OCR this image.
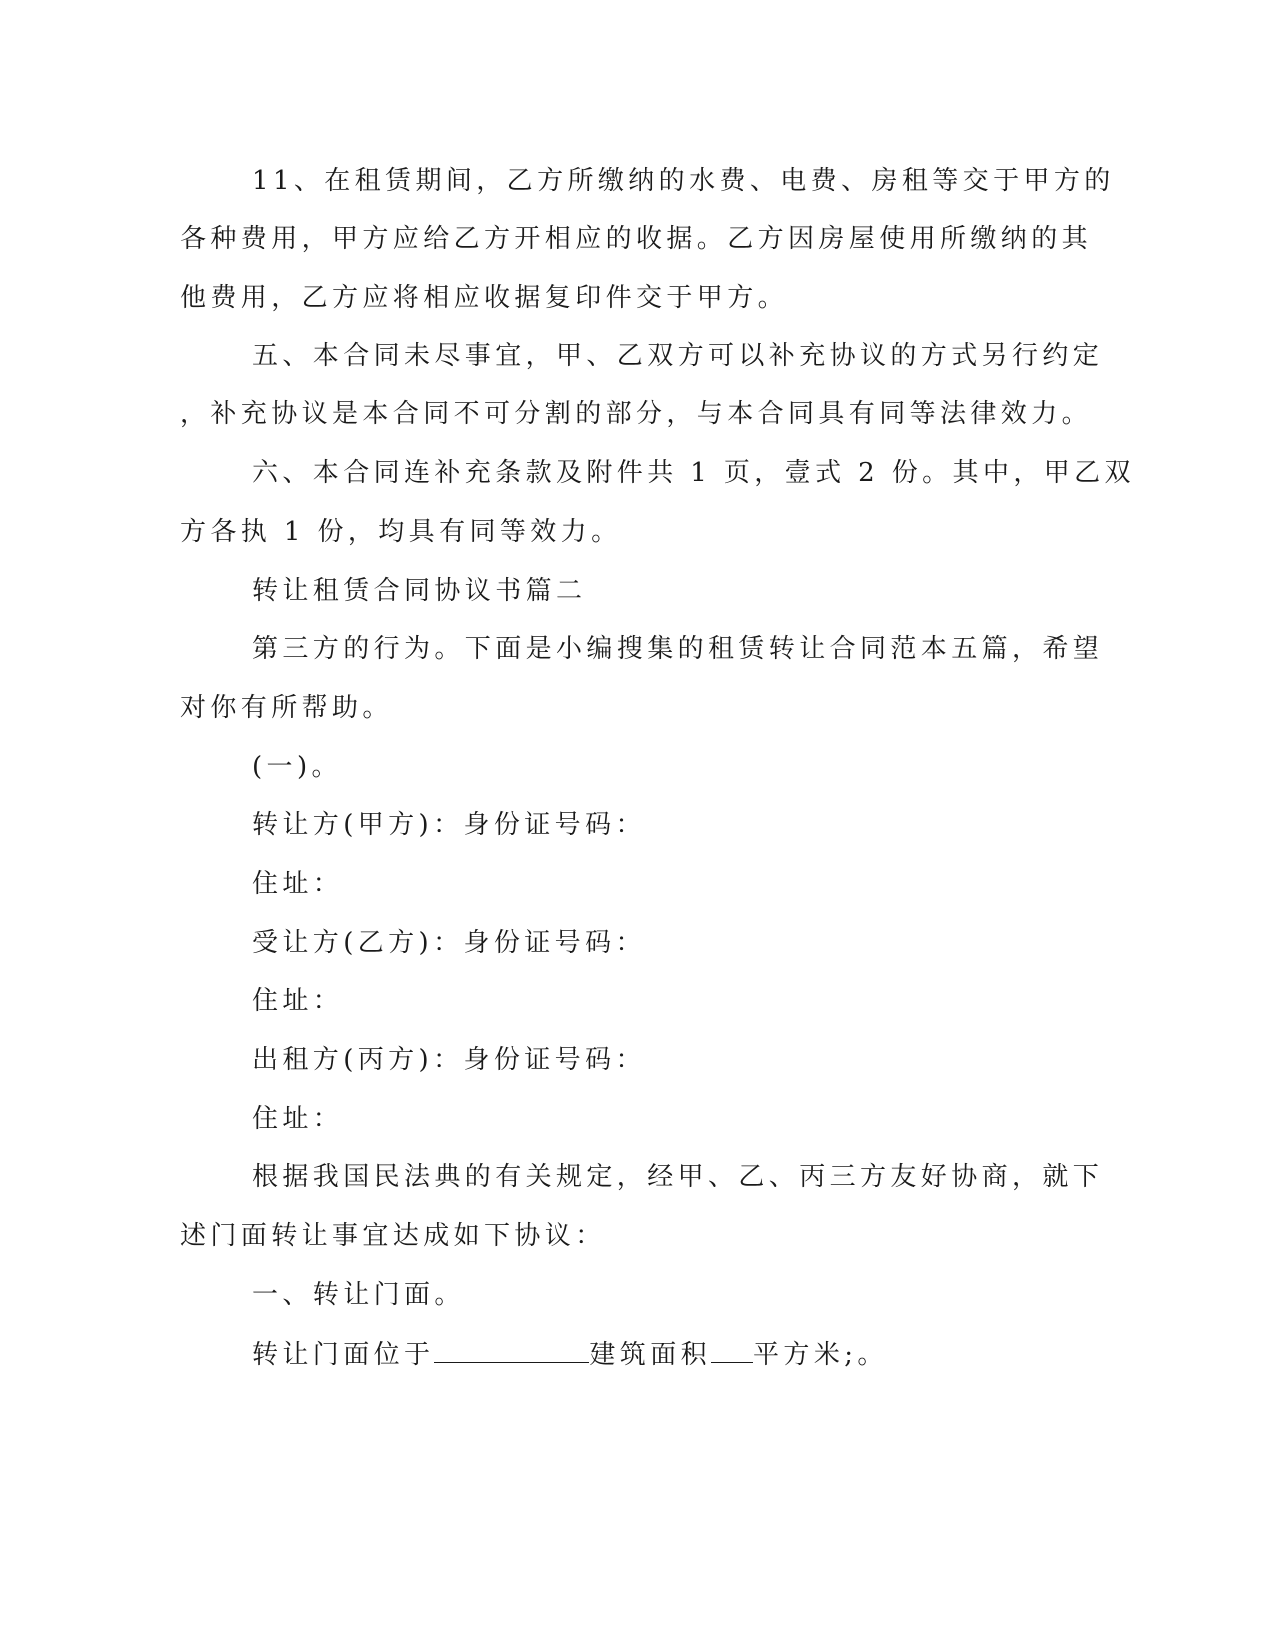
11、在租赁期间，乙方所缴纳的水费、电费、房租等交于甲方的
各种费用，甲方应给乙方开相应的收据。乙方因房屋使用所缴纳的其
他费用，乙方应将相应收据复印件交于甲方。
五、本合同未尽事宜，甲、乙双方可以补充协议的方式另行约定
，补充协议是本合同不可分割的部分，与本合同具有同等法律效力。
六、本合同连补充条款及附件共 1 页，壹式 2 份。其中，甲乙双
方各执 1 份，均具有同等效力。
转让租赁合同协议书篇二
第三方的行为。下面是小编搜集的租赁转让合同范本五篇，希望
对你有所帮助。
(一)。
转让方(甲方)：身份证号码：
住址：
受让方(乙方)：身份证号码：
住址：
出租方(丙方)：身份证号码：
住址：
根据我国民法典的有关规定，经甲、乙、丙三方友好协商，就下
述门面转让事宜达成如下协议：
一、转让门面。
转让门面位于	建筑面积 平方米;。
